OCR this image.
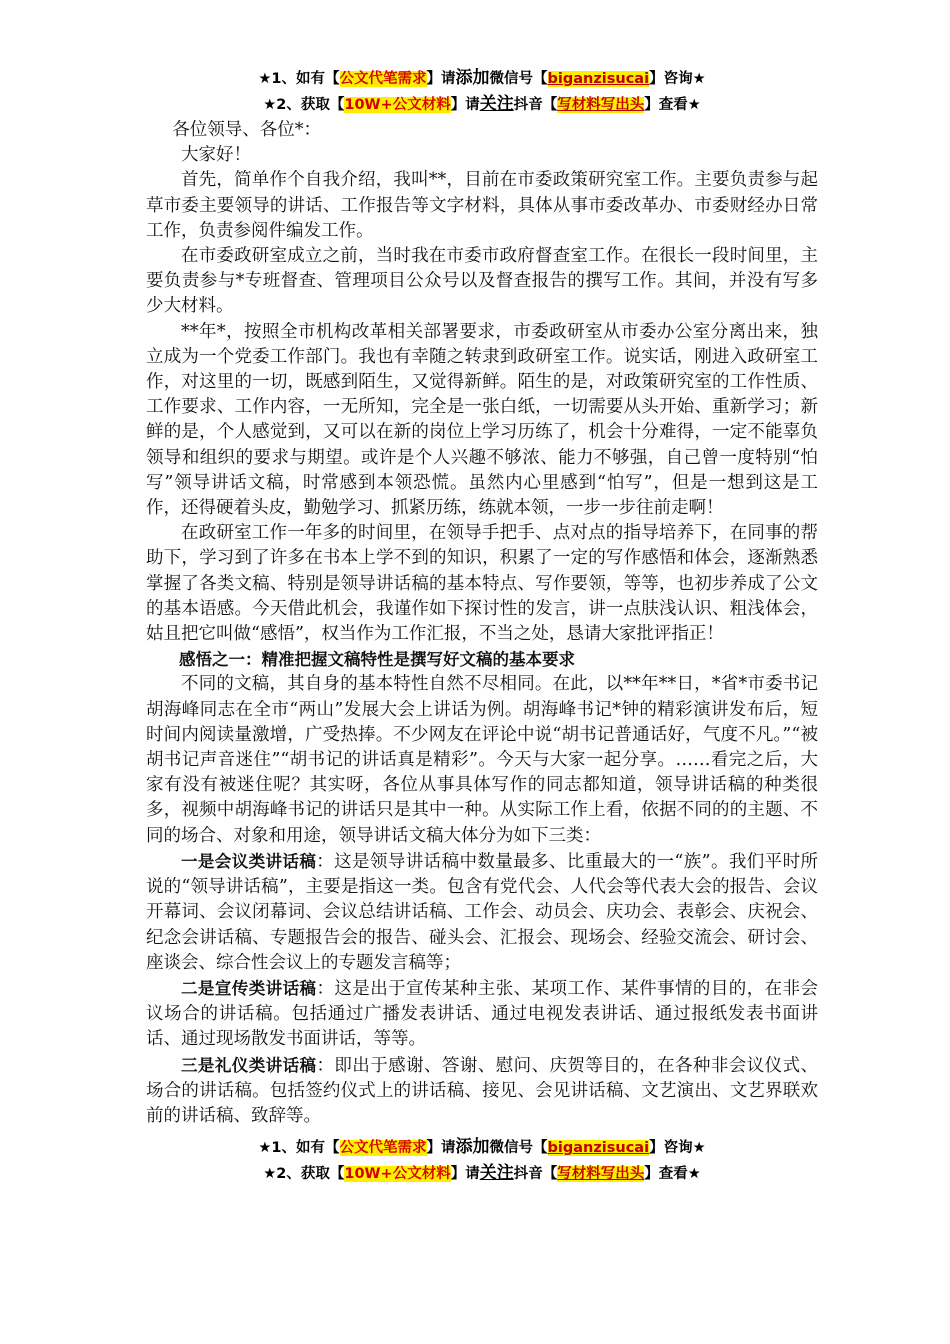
★1、如有【公文代笔需求】请添加微信号【biganzisucai】咨询★
★2、获取【10W+公文材料】请关注抖音【写材料写出头】查看★

各位领导、各位*：

大家好！

首先，简单作个自我介绍，我叫**，目前在市委政策研究室工作。主要负责参与起草市委主要领导的讲话、工作报告等文字材料，具体从事市委改革办、市委财经办日常工作，负责参阅件编发工作。

在市委政研室成立之前，当时我在市委市政府督查室工作。在很长一段时间里，主要负责参与*专班督查、管理项目公众号以及督查报告的撰写工作。其间，并没有写多少大材料。

**年*，按照全市机构改革相关部署要求，市委政研室从市委办公室分离出来，独立成为一个党委工作部门。我也有幸随之转隶到政研室工作。说实话，刚进入政研室工作，对这里的一切，既感到陌生，又觉得新鲜。陌生的是，对政策研究室的工作性质、工作要求、工作内容，一无所知，完全是一张白纸，一切需要从头开始、重新学习；新鲜的是，个人感觉到，又可以在新的岗位上学习历练了，机会十分难得，一定不能辜负领导和组织的要求与期望。或许是个人兴趣不够浓、能力不够强，自己曾一度特别“怕写”领导讲话文稿，时常感到本领恐慌。虽然内心里感到“怕写”，但是一想到这是工作，还得硬着头皮，勤勉学习、抓紧历练，练就本领，一步一步往前走啊！

在政研室工作一年多的时间里，在领导手把手、点对点的指导培养下，在同事的帮助下，学习到了许多在书本上学不到的知识，积累了一定的写作感悟和体会，逐渐熟悉掌握了各类文稿、特别是领导讲话稿的基本特点、写作要领，等等，也初步养成了公文的基本语感。今天借此机会，我谨作如下探讨性的发言，讲一点肤浅认识、粗浅体会，姑且把它叫做“感悟”，权当作为工作汇报，不当之处，恳请大家批评指正！

感悟之一：精准把握文稿特性是撰写好文稿的基本要求

不同的文稿，其自身的基本特性自然不尽相同。在此，以**年**日，*省*市委书记胡海峰同志在全市“两山”发展大会上讲话为例。胡海峰书记*钟的精彩演讲发布后，短时间内阅读量激增，广受热捧。不少网友在评论中说“胡书记普通话好，气度不凡。”“被胡书记声音迷住”“胡书记的讲话真是精彩”。今天与大家一起分享。……看完之后，大家有没有被迷住呢？其实呀，各位从事具体写作的同志都知道，领导讲话稿的种类很多，视频中胡海峰书记的讲话只是其中一种。从实际工作上看，依据不同的的主题、不同的场合、对象和用途，领导讲话文稿大体分为如下三类：

一是会议类讲话稿：这是领导讲话稿中数量最多、比重最大的一“族”。我们平时所说的“领导讲话稿”，主要是指这一类。包含有党代会、人代会等代表大会的报告、会议开幕词、会议闭幕词、会议总结讲话稿、工作会、动员会、庆功会、表彰会、庆祝会、纪念会讲话稿、专题报告会的报告、碰头会、汇报会、现场会、经验交流会、研讨会、座谈会、综合性会议上的专题发言稿等；

二是宣传类讲话稿：这是出于宣传某种主张、某项工作、某件事情的目的，在非会议场合的讲话稿。包括通过广播发表讲话、通过电视发表讲话、通过报纸发表书面讲话、通过现场散发书面讲话，等等。

三是礼仪类讲话稿：即出于感谢、答谢、慰问、庆贺等目的，在各种非会议仪式、场合的讲话稿。包括签约仪式上的讲话稿、接见、会见讲话稿、文艺演出、文艺界联欢前的讲话稿、致辞等。

★1、如有【公文代笔需求】请添加微信号【biganzisucai】咨询★
★2、获取【10W+公文材料】请关注抖音【写材料写出头】查看★
